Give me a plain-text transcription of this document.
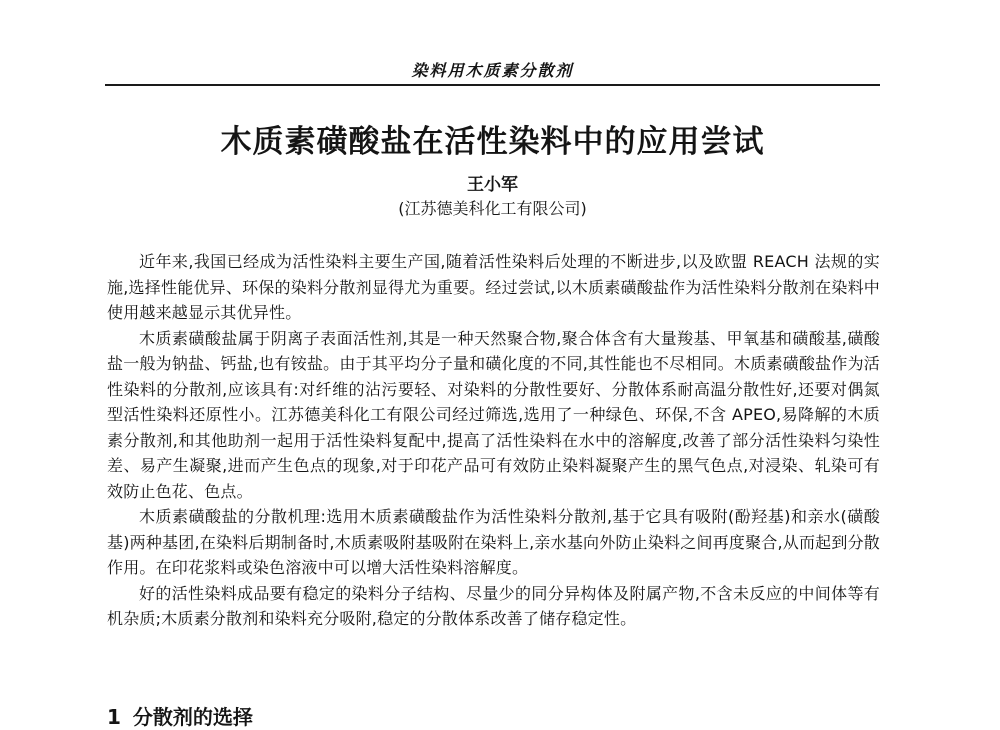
染料用木质素分散剂
木质素磺酸盐在活性染料中的应用尝试
王小军
(江苏德美科化工有限公司)

近年来,我国已经成为活性染料主要生产国,随着活性染料后处理的不断进步,以及欧盟 REACH 法规的实施,选择性能优异、环保的染料分散剂显得尤为重要。经过尝试,以木质素磺酸盐作为活性染料分散剂在染料中使用越来越显示其优异性。

木质素磺酸盐属于阴离子表面活性剂,其是一种天然聚合物,聚合体含有大量羧基、甲氧基和磺酸基,磺酸盐一般为钠盐、钙盐,也有铵盐。由于其平均分子量和磺化度的不同,其性能也不尽相同。木质素磺酸盐作为活性染料的分散剂,应该具有:对纤维的沾污要轻、对染料的分散性要好、分散体系耐高温分散性好,还要对偶氮型活性染料还原性小。江苏德美科化工有限公司经过筛选,选用了一种绿色、环保,不含 APEO,易降解的木质素分散剂,和其他助剂一起用于活性染料复配中,提高了活性染料在水中的溶解度,改善了部分活性染料匀染性差、易产生凝聚,进而产生色点的现象,对于印花产品可有效防止染料凝聚产生的黑气色点,对浸染、轧染可有效防止色花、色点。

木质素磺酸盐的分散机理:选用木质素磺酸盐作为活性染料分散剂,基于它具有吸附(酚羟基)和亲水(磺酸基)两种基团,在染料后期制备时,木质素吸附基吸附在染料上,亲水基向外防止染料之间再度聚合,从而起到分散作用。在印花浆料或染色溶液中可以增大活性染料溶解度。

好的活性染料成品要有稳定的染料分子结构、尽量少的同分异构体及附属产物,不含未反应的中间体等有机杂质;木质素分散剂和染料充分吸附,稳定的分散体系改善了储存稳定性。

1 分散剂的选择
